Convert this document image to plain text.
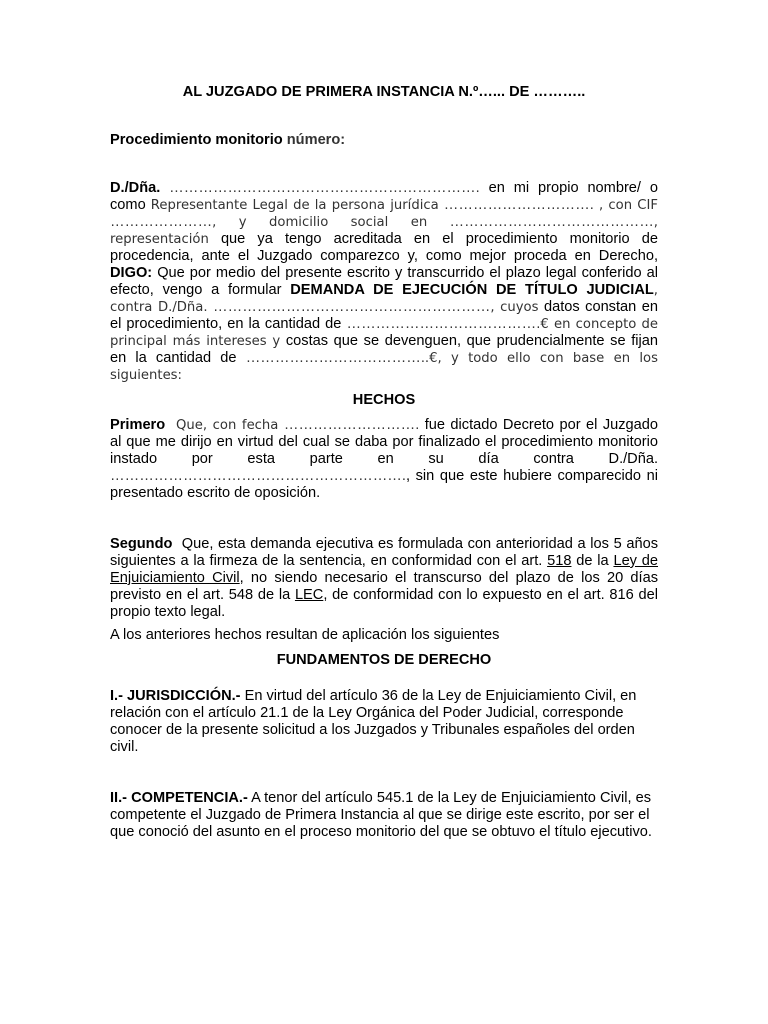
AL JUZGADO DE PRIMERA INSTANCIA N.º…... DE ………..

Procedimiento monitorio número:

D./Dña. ………………………………………………………. en mi propio nombre/ o como Representante Legal de la persona jurídica …………………………. , con CIF …………………, y domicilio social en ……………………………………, representación que ya tengo acreditada en el procedimiento monitorio de procedencia, ante el Juzgado comparezco y, como mejor proceda en Derecho, DIGO: Que por medio del presente escrito y transcurrido el plazo legal conferido al efecto, vengo a formular DEMANDA DE EJECUCIÓN DE TÍTULO JUDICIAL, contra D./Dña. …………………………………………………, cuyos datos constan en el procedimiento, en la cantidad de ………………………………….€ en concepto de principal más intereses y costas que se devenguen, que prudencialmente se fijan en la cantidad de ………………………………..€, y todo ello con base en los siguientes:

HECHOS

Primero Que, con fecha ………………………. fue dictado Decreto por el Juzgado al que me dirijo en virtud del cual se daba por finalizado el procedimiento monitorio instado por esta parte en su día contra D./Dña. ……………………………………………………., sin que este hubiere comparecido ni presentado escrito de oposición.

Segundo Que, esta demanda ejecutiva es formulada con anterioridad a los 5 años siguientes a la firmeza de la sentencia, en conformidad con el art. 518 de la Ley de Enjuiciamiento Civil, no siendo necesario el transcurso del plazo de los 20 días previsto en el art. 548 de la LEC, de conformidad con lo expuesto en el art. 816 del propio texto legal.

A los anteriores hechos resultan de aplicación los siguientes

FUNDAMENTOS DE DERECHO

I.- JURISDICCIÓN.- En virtud del artículo 36 de la Ley de Enjuiciamiento Civil, en relación con el artículo 21.1 de la Ley Orgánica del Poder Judicial, corresponde conocer de la presente solicitud a los Juzgados y Tribunales españoles del orden civil.

II.- COMPETENCIA.- A tenor del artículo 545.1 de la Ley de Enjuiciamiento Civil, es competente el Juzgado de Primera Instancia al que se dirige este escrito, por ser el que conoció del asunto en el proceso monitorio del que se obtuvo el título ejecutivo.
